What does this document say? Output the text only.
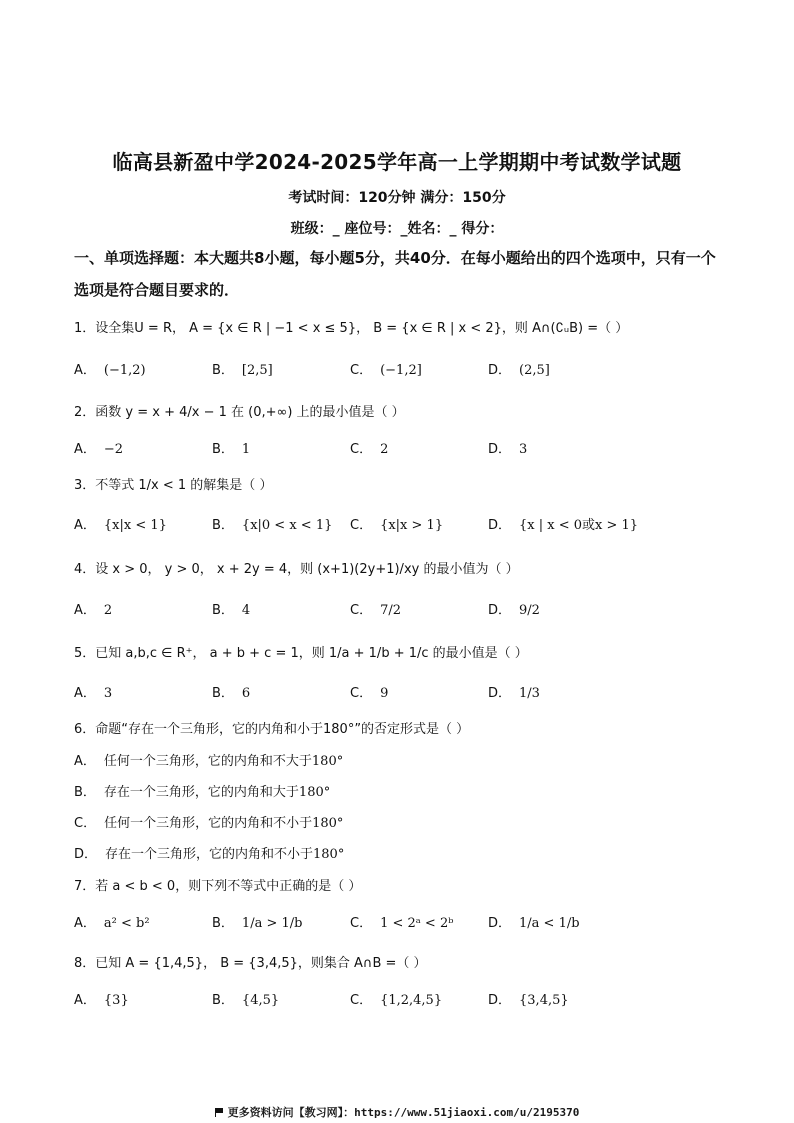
临高县新盈中学2024-2025学年高一上学期期中考试数学试题
考试时间：120分钟 满分：150分
班级：_ 座位号：_姓名：_ 得分：
一、单项选择题：本大题共8小题，每小题5分，共40分．在每小题给出的四个选项中，只有一个选项是符合题目要求的．
1．设全集U = R， A = {x ∈ R | −1 < x ≤ 5}， B = {x ∈ R | x < 2}，则 A∩(∁ᵤB) =（ ）
A． (−1,2)	B． [2,5]	C． (−1,2]	D． (2,5]
2．函数 y = x + 4/x − 1 在 (0,+∞) 上的最小值是（ ）
A． −2	B． 1	C． 2	D． 3
3．不等式 1/x < 1 的解集是（ ）
A． {x|x < 1}	B． {x|0 < x < 1} C． {x|x > 1}	D． {x | x < 0或x > 1}
4．设 x > 0， y > 0， x + 2y = 4，则 (x+1)(2y+1)/xy 的最小值为（ ）
A． 2	B． 4	C． 7/2	D． 9/2
5．已知 a,b,c ∈ R⁺， a + b + c = 1，则 1/a + 1/b + 1/c 的最小值是（ ）
A． 3	B． 6	C． 9	D． 1/3
6．命题“存在一个三角形，它的内角和小于180°”的否定形式是（ ）
A． 任何一个三角形，它的内角和不大于180°
B． 存在一个三角形，它的内角和大于180°
C． 任何一个三角形，它的内角和不小于180°
D． 存在一个三角形，它的内角和不小于180°
7．若 a < b < 0，则下列不等式中正确的是（ ）
A． a² < b²	B． 1/a > 1/b	C． 1 < 2ᵃ < 2ᵇ	D． 1/a < 1/b
8．已知 A = {1,4,5}， B = {3,4,5}，则集合 A∩B =（ ）
A． {3}	B． {4,5}	C． {1,2,4,5}	D． {3,4,5}
更多资料访问【教习网】：https://www.51jiaoxi.com/u/2195370
